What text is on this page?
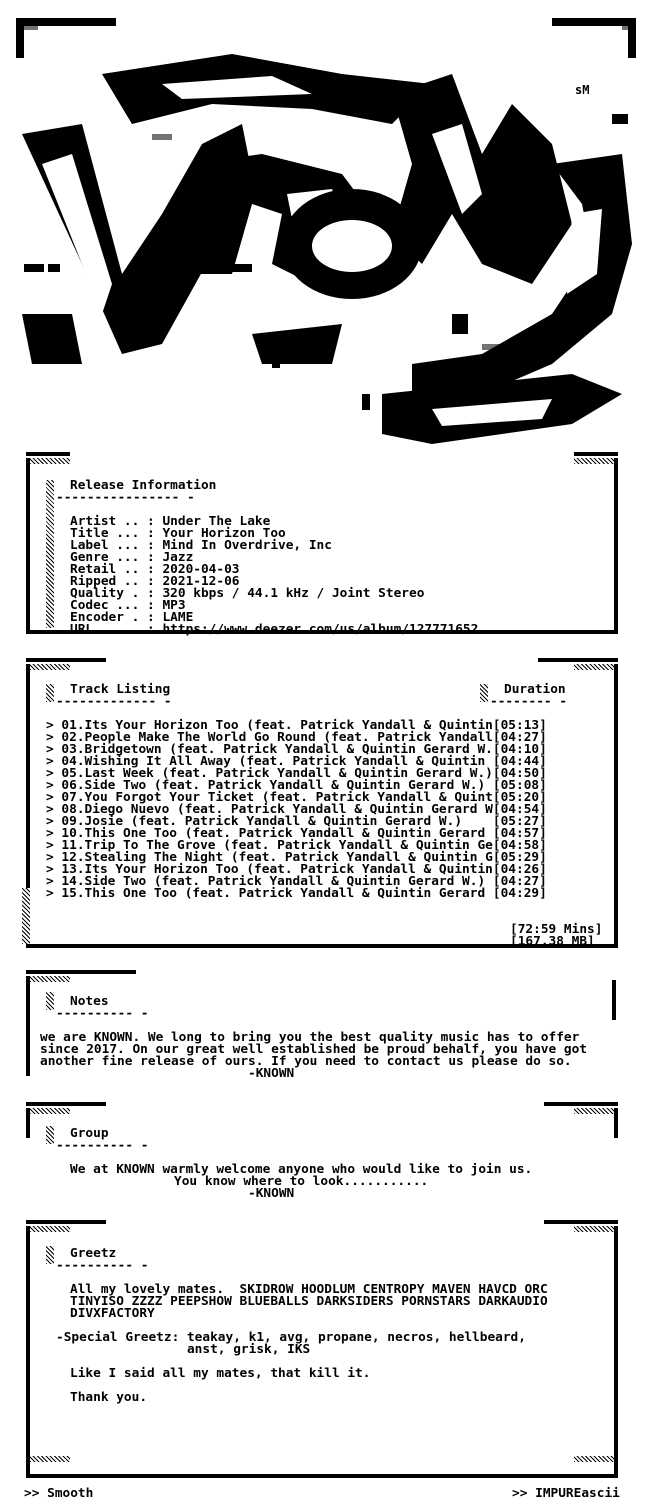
sM
Release Information
---------------- -
Artist .. : Under The Lake
Title ... : Your Horizon Too
Label ... : Mind In Overdrive, Inc
Genre ... : Jazz
Retail .. : 2020-04-03
Ripped .. : 2021-12-06
Quality . : 320 kbps / 44.1 kHz / Joint Stereo
Codec ... : MP3
Encoder . : LAME
URL ..... : https://www.deezer.com/us/album/127771652
Track Listing
------------- -
Duration
-------- -
> 01.Its Your Horizon Too (feat. Patrick Yandall & Quintin[05:13]
> 02.People Make The World Go Round (feat. Patrick Yandall[04:27]
> 03.Bridgetown (feat. Patrick Yandall & Quintin Gerard W.[04:10]
> 04.Wishing It All Away (feat. Patrick Yandall & Quintin [04:44]
> 05.Last Week (feat. Patrick Yandall & Quintin Gerard W.)[04:50]
> 06.Side Two (feat. Patrick Yandall & Quintin Gerard W.) [05:08]
> 07.You Forgot Your Ticket (feat. Patrick Yandall & Quint[05:20]
> 08.Diego Nuevo (feat. Patrick Yandall & Quintin Gerard W[04:54]
> 09.Josie (feat. Patrick Yandall & Quintin Gerard W.)    [05:27]
> 10.This One Too (feat. Patrick Yandall & Quintin Gerard [04:57]
> 11.Trip To The Grove (feat. Patrick Yandall & Quintin Ge[04:58]
> 12.Stealing The Night (feat. Patrick Yandall & Quintin G[05:29]
> 13.Its Your Horizon Too (feat. Patrick Yandall & Quintin[04:26]
> 14.Side Two (feat. Patrick Yandall & Quintin Gerard W.) [04:27]
> 15.This One Too (feat. Patrick Yandall & Quintin Gerard [04:29]
[72:59 Mins]
[167.38 MB]
Notes
---------- -
we are KNOWN. We long to bring you the best quality music has to offer
since 2017. On our great well established be proud behalf, you have got
another fine release of ours. If you need to contact us please do so.
-KNOWN
Group
---------- -
We at KNOWN warmly welcome anyone who would like to join us.
You know where to look...........
-KNOWN
Greetz
---------- -
All my lovely mates.  SKIDROW HOODLUM CENTROPY MAVEN HAVCD ORC
TINYISO ZZZZ PEEPSHOW BLUEBALLS DARKSIDERS PORNSTARS DARKAUDIO
DIVXFACTORY
-Special Greetz: teakay, k1, avg, propane, necros, hellbeard,
anst, grisk, IKS
Like I said all my mates, that kill it.
Thank you.
>> Smooth	>> IMPUREascii
